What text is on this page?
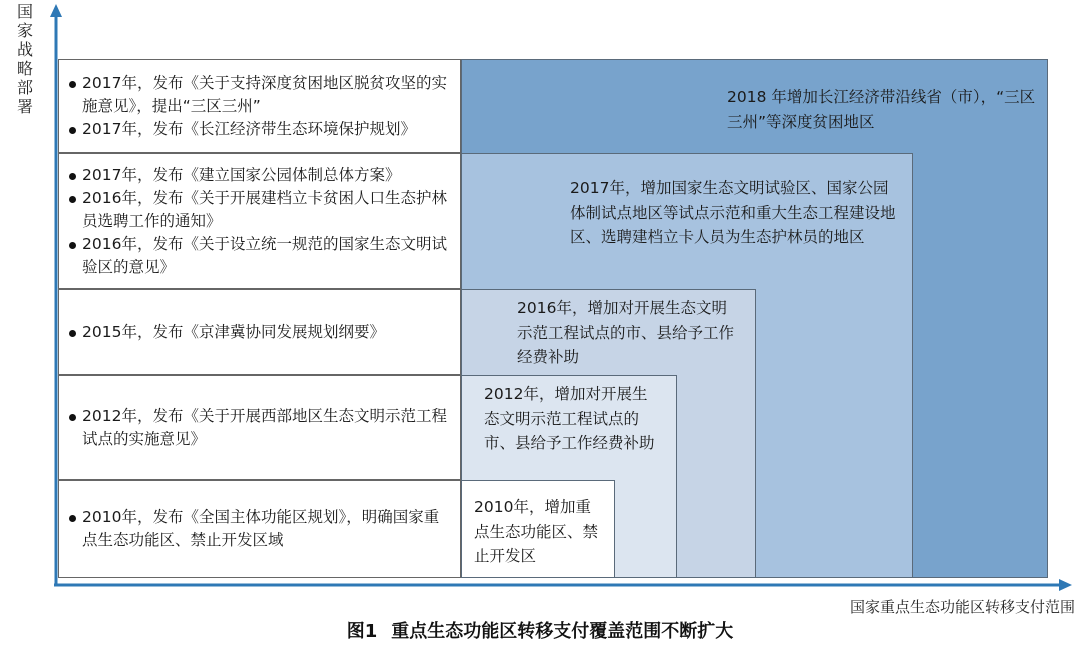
2018 年增加长江经济带沿线省（市），“三区三州”等深度贫困地区
2017年，增加国家生态文明试验区、国家公园体制试点地区等试点示范和重大生态工程建设地区、选聘建档立卡人员为生态护林员的地区
2016年，增加对开展生态文明示范工程试点的市、县给予工作经费补助
2012年，增加对开展生态文明示范工程试点的市、县给予工作经费补助
2010年，增加重点生态功能区、禁止开发区
2017年，发布《关于支持深度贫困地区脱贫攻坚的实施意见》，提出“三区三州”
2017年，发布《长江经济带生态环境保护规划》
2017年，发布《建立国家公园体制总体方案》
2016年，发布《关于开展建档立卡贫困人口生态护林员选聘工作的通知》
2016年，发布《关于设立统一规范的国家生态文明试验区的意见》
2015年，发布《京津冀协同发展规划纲要》
2012年，发布《关于开展西部地区生态文明示范工程试点的实施意见》
2010年，发布《全国主体功能区规划》，明确国家重点生态功能区、禁止开发区域
国家战略部署
国家重点生态功能区转移支付范围
图1 重点生态功能区转移支付覆盖范围不断扩大
